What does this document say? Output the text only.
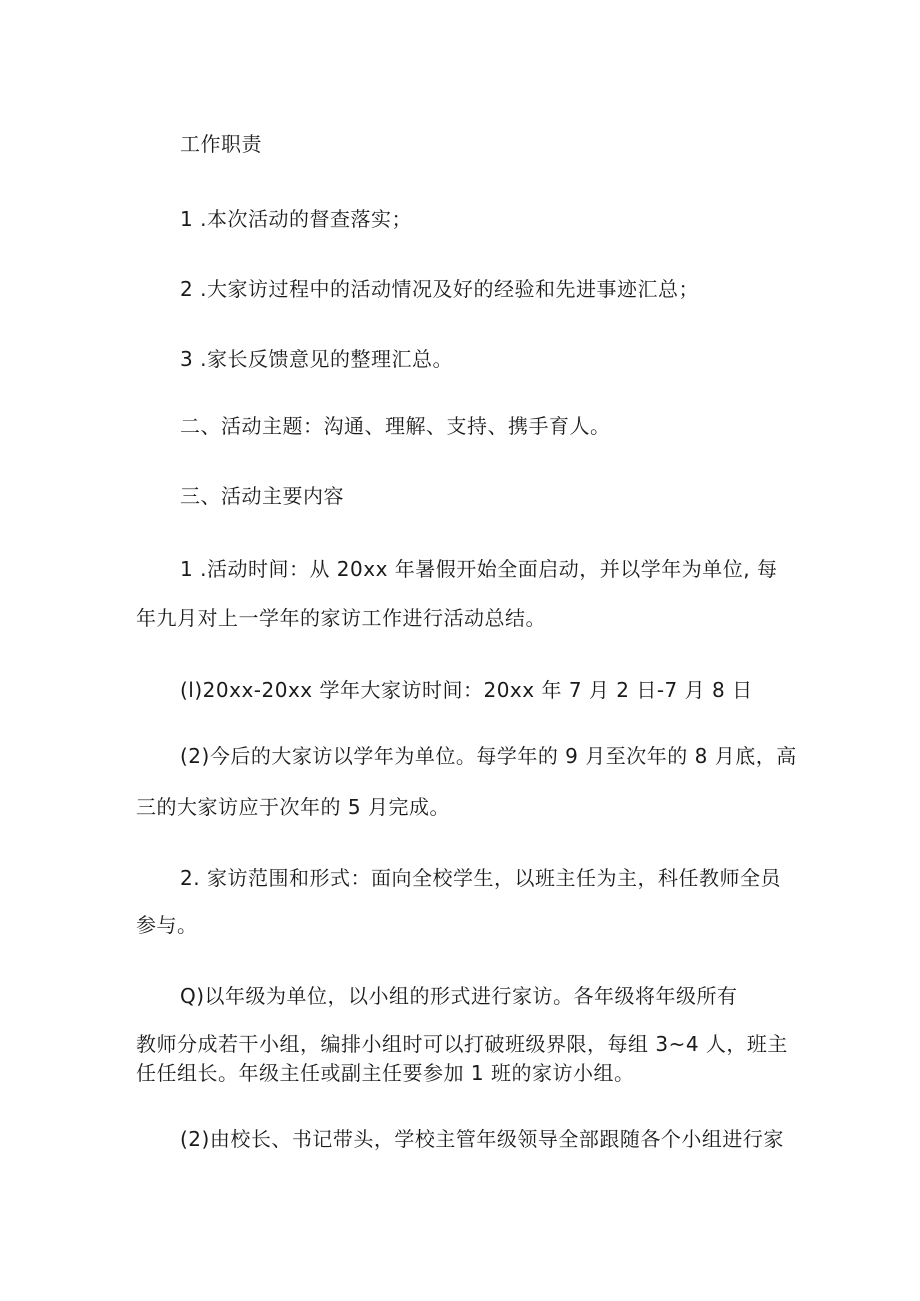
工作职责
1 .本次活动的督查落实；
2 .大家访过程中的活动情况及好的经验和先进事迹汇总；
3 .家长反馈意见的整理汇总。
二、活动主题：沟通、理解、支持、携手育人。
三、活动主要内容
1 .活动时间：从 20xx 年暑假开始全面启动，并以学年为单位, 每
年九月对上一学年的家访工作进行活动总结。
(l)20xx-20xx 学年大家访时间：20xx 年 7 月 2 日-7 月 8 日
(2)今后的大家访以学年为单位。每学年的 9 月至次年的 8 月底，高
三的大家访应于次年的 5 月完成。
2. 家访范围和形式：面向全校学生，以班主任为主，科任教师全员
参与。
Q)以年级为单位，以小组的形式进行家访。各年级将年级所有
教师分成若干小组，编排小组时可以打破班级界限，每组 3~4 人，班主
任任组长。年级主任或副主任要参加 1 班的家访小组。
(2)由校长、书记带头，学校主管年级领导全部跟随各个小组进行家
